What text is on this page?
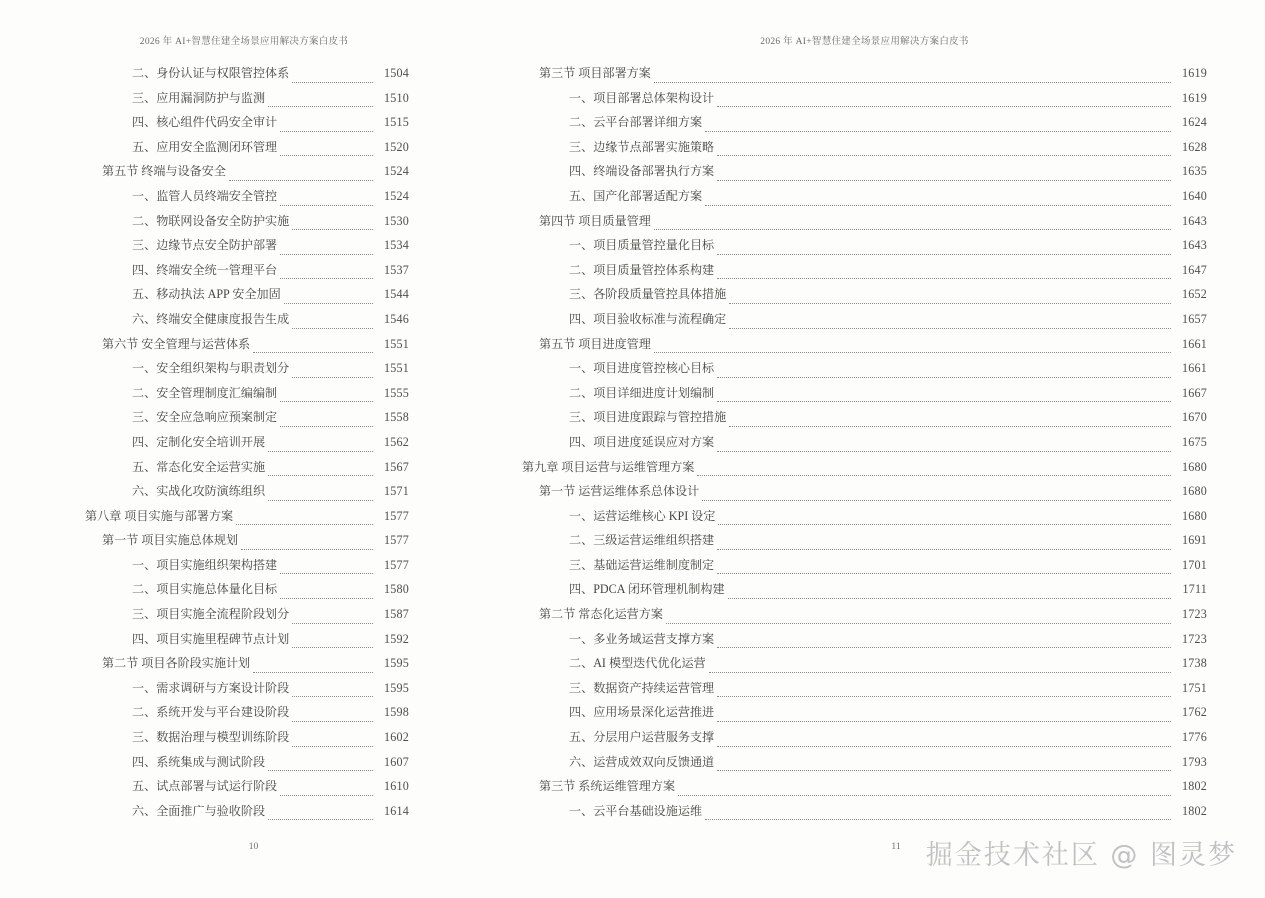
2026 年 AI+智慧住建全场景应用解决方案白皮书
二、身份认证与权限管控体系	1504
三、应用漏洞防护与监测	1510
四、核心组件代码安全审计	1515
五、应用安全监测闭环管理	1520
第五节 终端与设备安全	1524
一、监管人员终端安全管控	1524
二、物联网设备安全防护实施	1530
三、边缘节点安全防护部署	1534
四、终端安全统一管理平台	1537
五、移动执法 APP 安全加固	1544
六、终端安全健康度报告生成	1546
第六节 安全管理与运营体系	1551
一、安全组织架构与职责划分	1551
二、安全管理制度汇编编制	1555
三、安全应急响应预案制定	1558
四、定制化安全培训开展	1562
五、常态化安全运营实施	1567
六、实战化攻防演练组织	1571
第八章 项目实施与部署方案	1577
第一节 项目实施总体规划	1577
一、项目实施组织架构搭建	1577
二、项目实施总体量化目标	1580
三、项目实施全流程阶段划分	1587
四、项目实施里程碑节点计划	1592
第二节 项目各阶段实施计划	1595
一、需求调研与方案设计阶段	1595
二、系统开发与平台建设阶段	1598
三、数据治理与模型训练阶段	1602
四、系统集成与测试阶段	1607
五、试点部署与试运行阶段	1610
六、全面推广与验收阶段	1614
10
2026 年 AI+智慧住建全场景应用解决方案白皮书
第三节 项目部署方案	1619
一、项目部署总体架构设计	1619
二、云平台部署详细方案	1624
三、边缘节点部署实施策略	1628
四、终端设备部署执行方案	1635
五、国产化部署适配方案	1640
第四节 项目质量管理	1643
一、项目质量管控量化目标	1643
二、项目质量管控体系构建	1647
三、各阶段质量管控具体措施	1652
四、项目验收标准与流程确定	1657
第五节 项目进度管理	1661
一、项目进度管控核心目标	1661
二、项目详细进度计划编制	1667
三、项目进度跟踪与管控措施	1670
四、项目进度延误应对方案	1675
第九章 项目运营与运维管理方案	1680
第一节 运营运维体系总体设计	1680
一、运营运维核心 KPI 设定	1680
二、三级运营运维组织搭建	1691
三、基础运营运维制度制定	1701
四、PDCA 闭环管理机制构建	1711
第二节 常态化运营方案	1723
一、多业务域运营支撑方案	1723
二、AI 模型迭代优化运营	1738
三、数据资产持续运营管理	1751
四、应用场景深化运营推进	1762
五、分层用户运营服务支撑	1776
六、运营成效双向反馈通道	1793
第三节 系统运维管理方案	1802
一、云平台基础设施运维	1802
11 掘金技术社区 @ 图灵梦
